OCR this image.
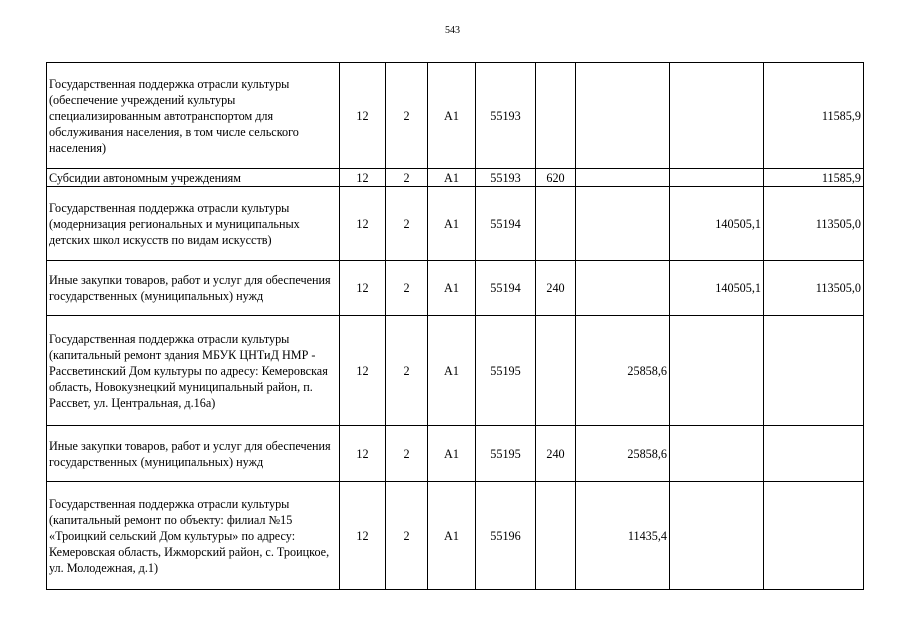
543
Государственная поддержка отрасли культуры (обеспечение учреждений культуры специализированным автотранспортом для обслуживания населения, в том числе сельского населения)	12	2	А1	55193				11585,9
Субсидии автономным учреждениям	12	2	А1	55193	620			11585,9
Государственная поддержка отрасли культуры (модернизация региональных и муниципальных детских школ искусств по видам искусств)	12	2	А1	55194			140505,1	113505,0
Иные закупки товаров, работ и услуг для обеспечения государственных (муниципальных) нужд	12	2	А1	55194	240		140505,1	113505,0
Государственная поддержка отрасли культуры (капитальный ремонт здания МБУК ЦНТиД НМР - Рассветинский Дом культуры по адресу: Кемеровская область, Новокузнецкий муниципальный район, п. Рассвет, ул. Центральная, д.16а)	12	2	А1	55195		25858,6		
Иные закупки товаров, работ и услуг для обеспечения государственных (муниципальных) нужд	12	2	А1	55195	240	25858,6		
Государственная поддержка отрасли культуры (капитальный ремонт по объекту: филиал №15 «Троицкий сельский Дом культуры» по адресу: Кемеровская область, Ижморский район, с. Троицкое, ул. Молодежная, д.1)	12	2	А1	55196		11435,4		
